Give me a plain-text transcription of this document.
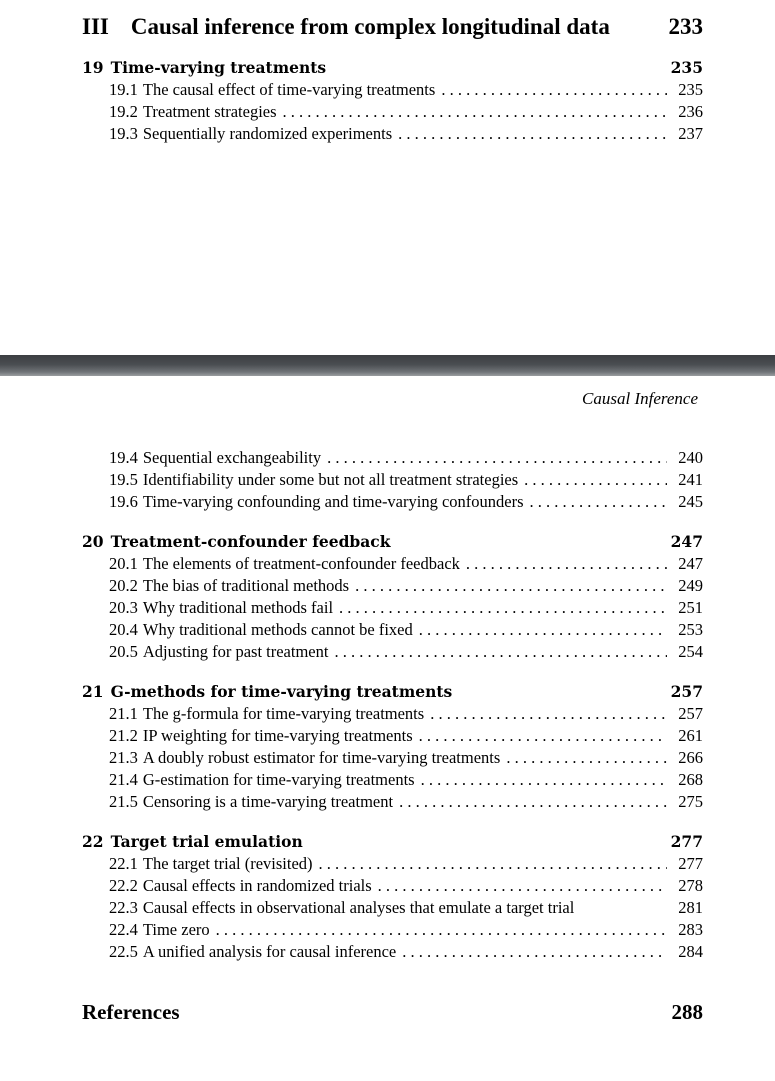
III Causal inference from complex longitudinal data	233
19 Time-varying treatments	235
19.1 The causal effect of time-varying treatments . . .	235
19.2 Treatment strategies . . .	236
19.3 Sequentially randomized experiments . . .	237
Causal Inference
19.4 Sequential exchangeability . . .	240
19.5 Identifiability under some but not all treatment strategies . . .	241
19.6 Time-varying confounding and time-varying confounders . . .	245
20 Treatment-confounder feedback	247
20.1 The elements of treatment-confounder feedback . . .	247
20.2 The bias of traditional methods . . .	249
20.3 Why traditional methods fail . . .	251
20.4 Why traditional methods cannot be fixed . . .	253
20.5 Adjusting for past treatment . . .	254
21 G-methods for time-varying treatments	257
21.1 The g-formula for time-varying treatments . . .	257
21.2 IP weighting for time-varying treatments . . .	261
21.3 A doubly robust estimator for time-varying treatments . . .	266
21.4 G-estimation for time-varying treatments . . .	268
21.5 Censoring is a time-varying treatment . . .	275
22 Target trial emulation	277
22.1 The target trial (revisited) . . .	277
22.2 Causal effects in randomized trials . . .	278
22.3 Causal effects in observational analyses that emulate a target trial	281
22.4 Time zero . . .	283
22.5 A unified analysis for causal inference . . .	284
References	288
